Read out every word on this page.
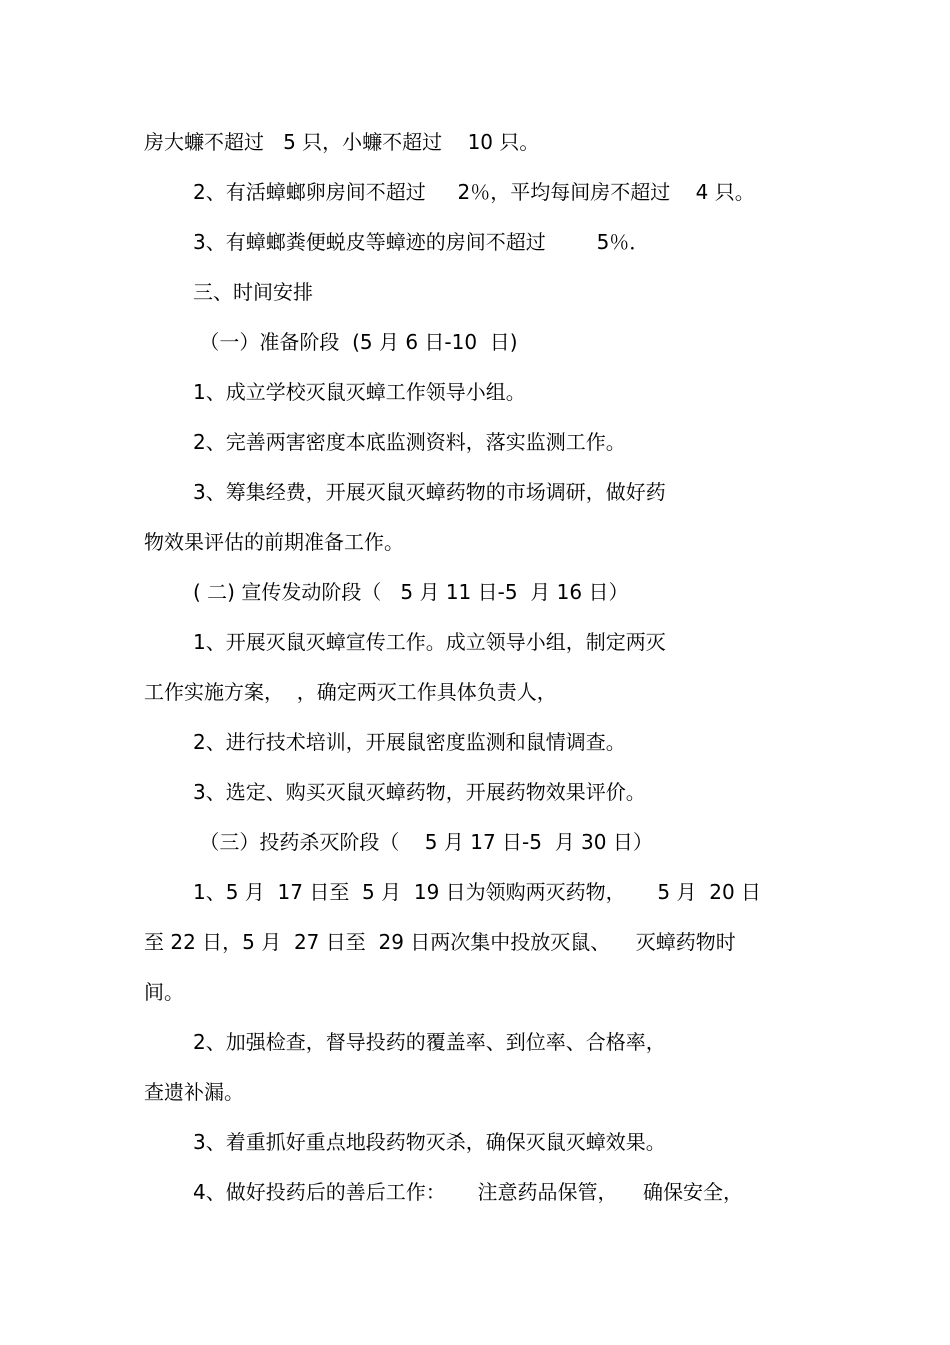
房大蠊不超过   5 只，小蠊不超过    10 只。
2、有活蟑螂卵房间不超过     2％，平均每间房不超过    4 只。
3、有蟑螂粪便蜕皮等蟑迹的房间不超过        5％．
三、时间安排
（一）准备阶段  (5 月 6 日-10  日)
1、成立学校灭鼠灭蟑工作领导小组。
2、完善两害密度本底监测资料，落实监测工作。
3、筹集经费，开展灭鼠灭蟑药物的市场调研，做好药
物效果评估的前期准备工作。
( 二) 宣传发动阶段（   5 月 11 日-5  月 16 日）
1、开展灭鼠灭蟑宣传工作。成立领导小组，制定两灭
工作实施方案，  ，确定两灭工作具体负责人，
2、进行技术培训，开展鼠密度监测和鼠情调查。
3、选定、购买灭鼠灭蟑药物，开展药物效果评价。
（三）投药杀灭阶段（    5 月 17 日-5  月 30 日）
1、5 月  17 日至  5 月  19 日为领购两灭药物，     5 月  20 日
至 22 日，5 月  27 日至  29 日两次集中投放灭鼠、    灭蟑药物时
间。
2、加强检查，督导投药的覆盖率、到位率、合格率，
查遗补漏。
3、着重抓好重点地段药物灭杀，确保灭鼠灭蟑效果。
4、做好投药后的善后工作：     注意药品保管，    确保安全，
